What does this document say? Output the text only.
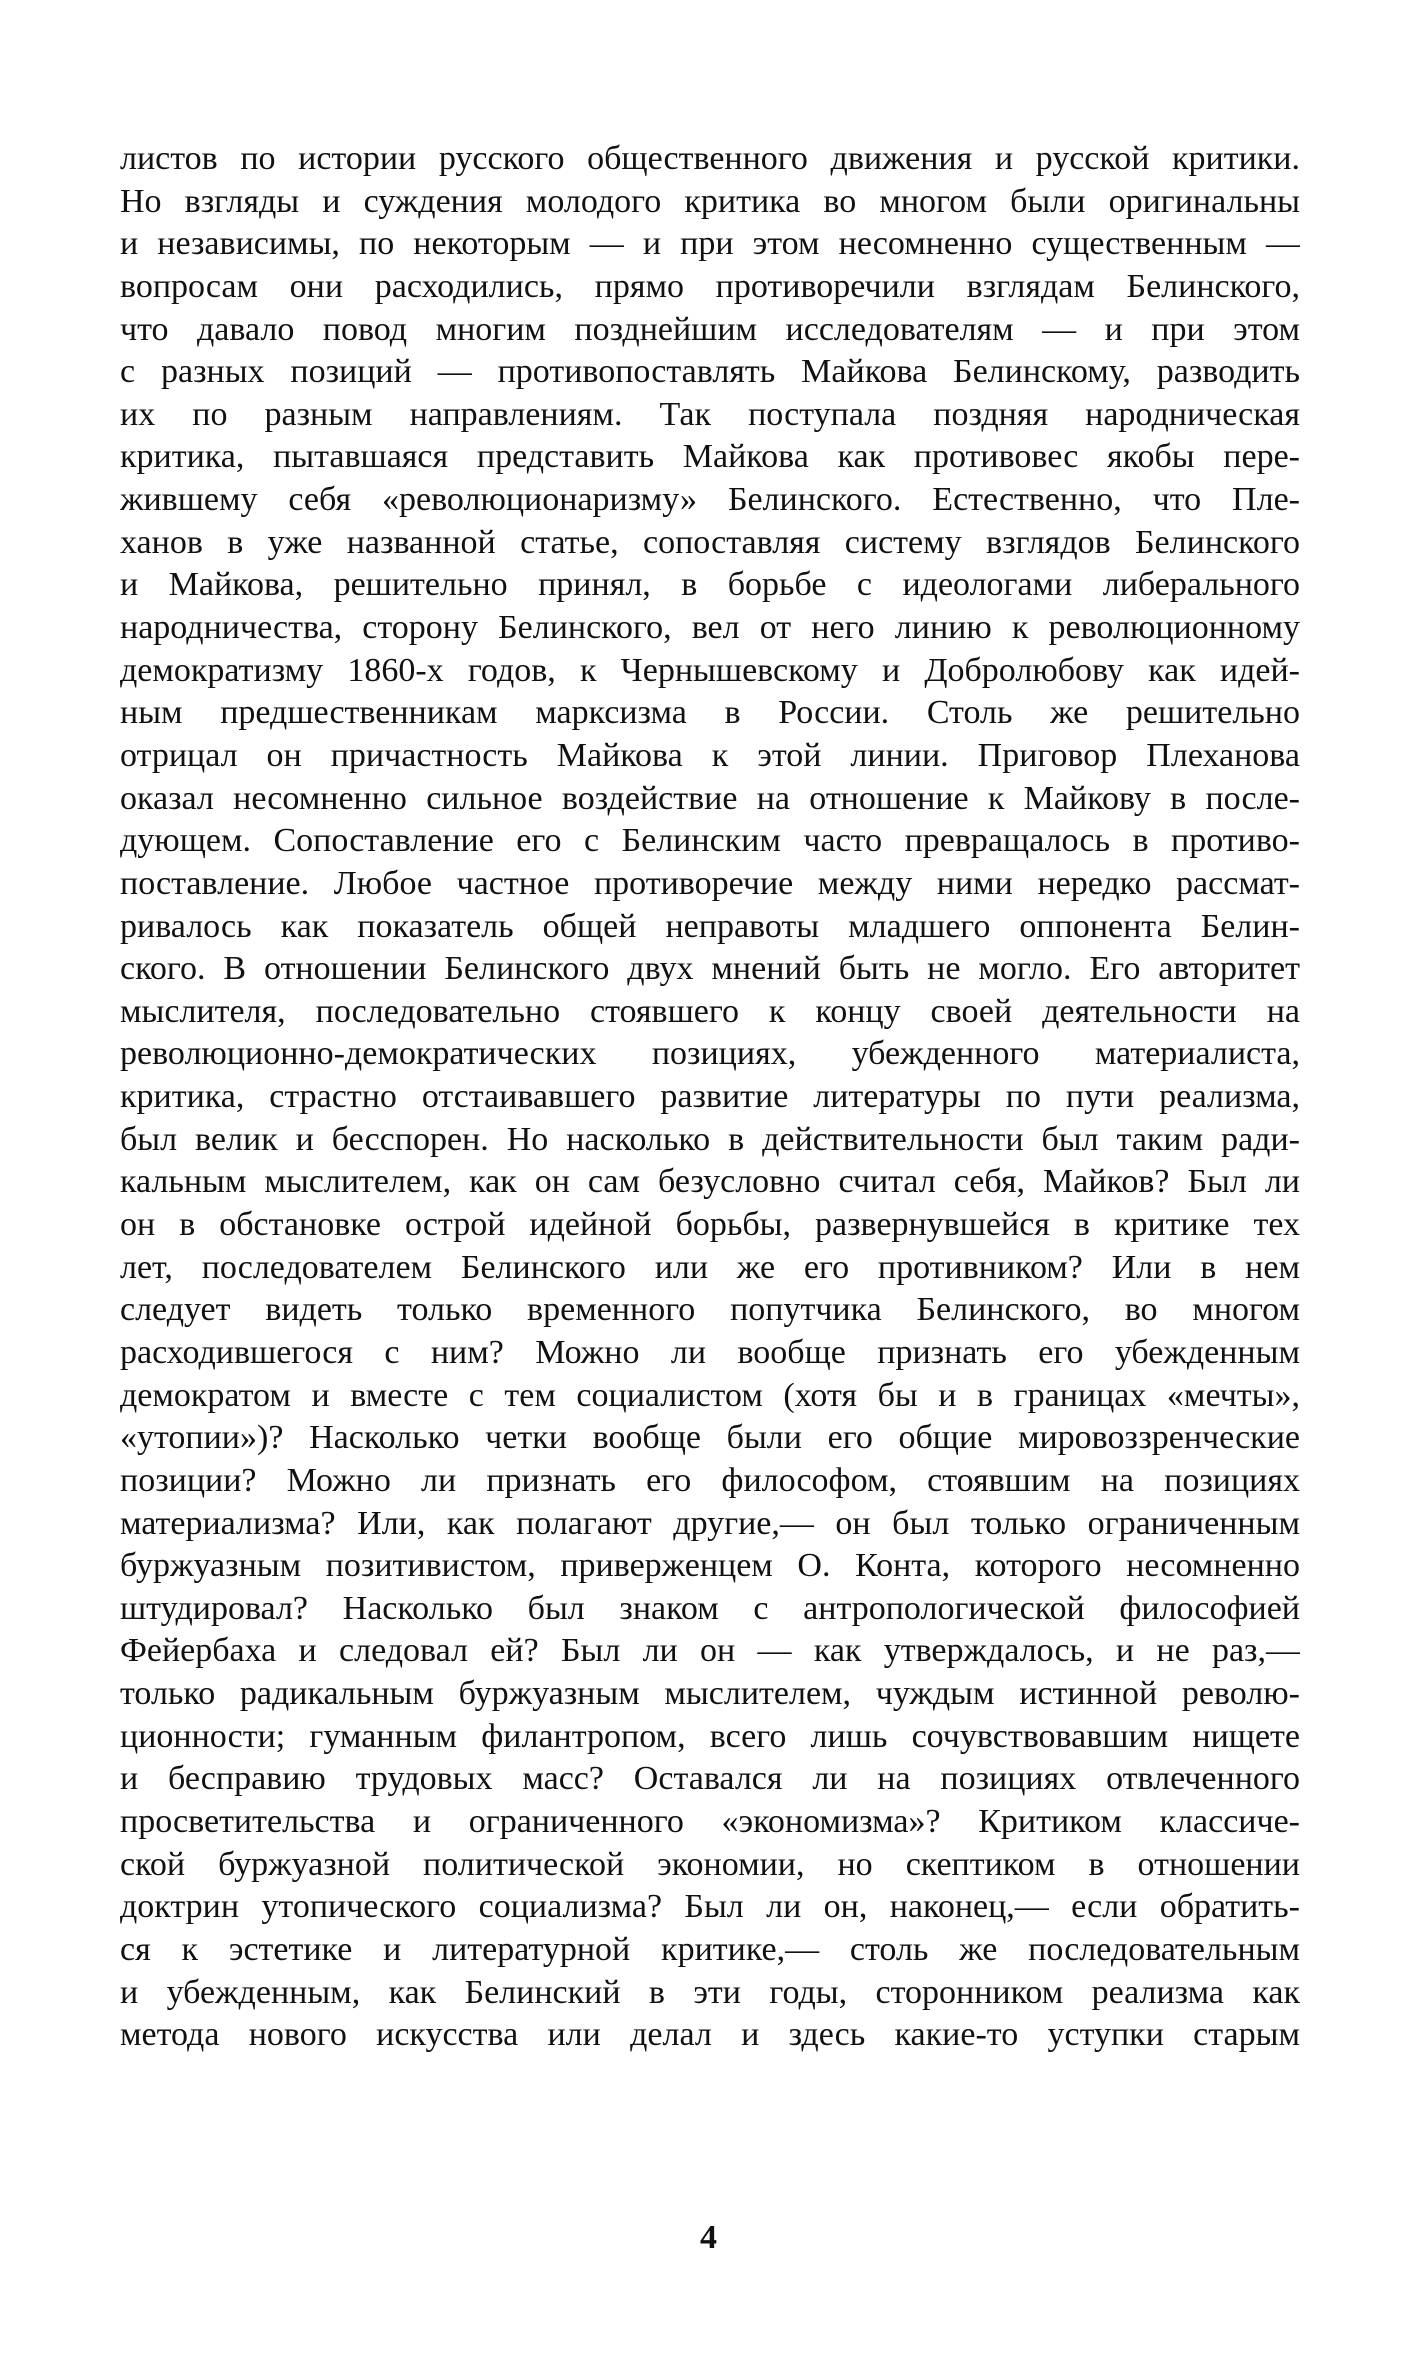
листов по истории русского общественного движения и русской критики.
Но взгляды и суждения молодого критика во многом были оригинальны
и независимы, по некоторым — и при этом несомненно существенным —
вопросам они расходились, прямо противоречили взглядам Белинского,
что давало повод многим позднейшим исследователям — и при этом
с разных позиций — противопоставлять Майкова Белинскому, разводить
их по разным направлениям. Так поступала поздняя народническая
критика, пытавшаяся представить Майкова как противовес якобы пере-
жившему себя «революционаризму» Белинского. Естественно, что Пле-
ханов в уже названной статье, сопоставляя систему взглядов Белинского
и Майкова, решительно принял, в борьбе с идеологами либерального
народничества, сторону Белинского, вел от него линию к революционному
демократизму 1860-х годов, к Чернышевскому и Добролюбову как идей-
ным предшественникам марксизма в России. Столь же решительно
отрицал он причастность Майкова к этой линии. Приговор Плеханова
оказал несомненно сильное воздействие на отношение к Майкову в после-
дующем. Сопоставление его с Белинским часто превращалось в противо-
поставление. Любое частное противоречие между ними нередко рассмат-
ривалось как показатель общей неправоты младшего оппонента Белин-
ского. В отношении Белинского двух мнений быть не могло. Его авторитет
мыслителя, последовательно стоявшего к концу своей деятельности на
революционно-демократических позициях, убежденного материалиста,
критика, страстно отстаивавшего развитие литературы по пути реализма,
был велик и бесспорен. Но насколько в действительности был таким ради-
кальным мыслителем, как он сам безусловно считал себя, Майков? Был ли
он в обстановке острой идейной борьбы, развернувшейся в критике тех
лет, последователем Белинского или же его противником? Или в нем
следует видеть только временного попутчика Белинского, во многом
расходившегося с ним? Можно ли вообще признать его убежденным
демократом и вместе с тем социалистом (хотя бы и в границах «мечты»,
«утопии»)? Насколько четки вообще были его общие мировоззренческие
позиции? Можно ли признать его философом, стоявшим на позициях
материализма? Или, как полагают другие,— он был только ограниченным
буржуазным позитивистом, приверженцем О. Конта, которого несомненно
штудировал? Насколько был знаком с антропологической философией
Фейербаха и следовал ей? Был ли он — как утверждалось, и не раз,—
только радикальным буржуазным мыслителем, чуждым истинной револю-
ционности; гуманным филантропом, всего лишь сочувствовавшим нищете
и бесправию трудовых масс? Оставался ли на позициях отвлеченного
просветительства и ограниченного «экономизма»? Критиком классиче-
ской буржуазной политической экономии, но скептиком в отношении
доктрин утопического социализма? Был ли он, наконец,— если обратить-
ся к эстетике и литературной критике,— столь же последовательным
и убежденным, как Белинский в эти годы, сторонником реализма как
метода нового искусства или делал и здесь какие-то уступки старым
4
